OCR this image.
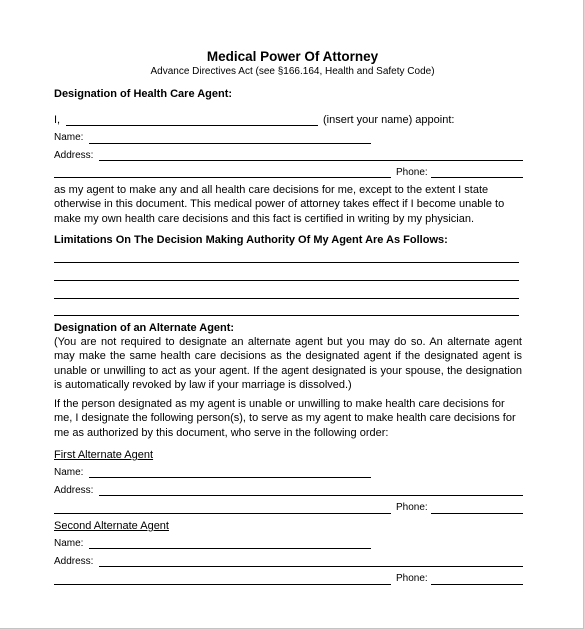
Medical Power Of Attorney
Advance Directives Act (see §166.164, Health and Safety Code)
Designation of Health Care Agent:
I,	(insert your name) appoint:
Name:
Address:
Phone:
as my agent to make any and all health care decisions for me, except to the extent I state otherwise in this document. This medical power of attorney takes effect if I become unable to make my own health care decisions and this fact is certified in writing by my physician.
Limitations On The Decision Making Authority Of My Agent Are As Follows:
Designation of an Alternate Agent:
(You are not required to designate an alternate agent but you may do so. An alternate agent may make the same health care decisions as the designated agent if the designated agent is unable or unwilling to act as your agent. If the agent designated is your spouse, the designation is automatically revoked by law if your marriage is dissolved.)
If the person designated as my agent is unable or unwilling to make health care decisions for me, I designate the following person(s), to serve as my agent to make health care decisions for me as authorized by this document, who serve in the following order:
First Alternate Agent
Name:
Address:
Phone:
Second Alternate Agent
Name:
Address:
Phone:
